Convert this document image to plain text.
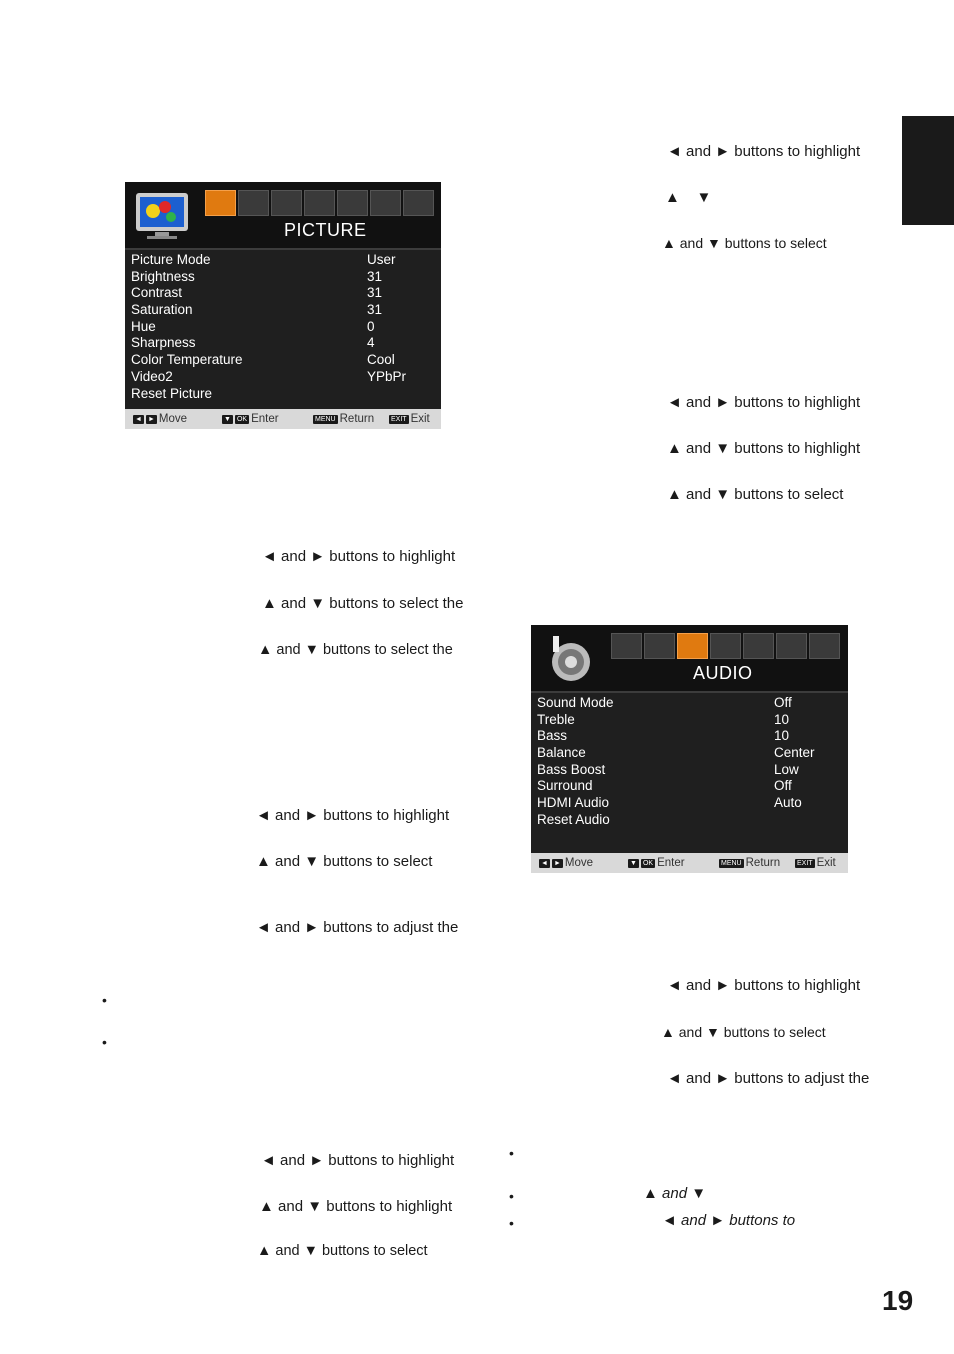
PICTURE
Picture Mode	User
Brightness	31
Contrast	31
Saturation	31
Hue	0
Sharpness	4
Color Temperature	Cool
Video2	YPbPr
Reset Picture
◄ ► Move	▼ OK Enter	MENU Return EXIT Exit
AUDIO
Sound Mode	Off
Treble	10
Bass	10
Balance	Center
Bass Boost	Low
Surround	Off
HDMI Audio	Auto
Reset Audio
◄ ► Move	▼ OK Enter	MENU Return EXIT Exit
◄ and ► buttons to highlight
▲    ▼
▲ and ▼ buttons to select
◄ and ► buttons to highlight
▲ and ▼ buttons to highlight
▲ and ▼ buttons to select
◄ and ► buttons to highlight
▲ and ▼ buttons to select the
▲ and ▼ buttons to select the
◄ and ► buttons to highlight
▲ and ▼ buttons to select
◄ and ► buttons to adjust the
•
•
◄ and ► buttons to highlight
▲ and ▼ buttons to select
◄ and ► buttons to adjust the
◄ and ► buttons to highlight
▲ and ▼ buttons to highlight
▲ and ▼ buttons to select
•
•
•
▲ and ▼
◄ and ► buttons to
19
